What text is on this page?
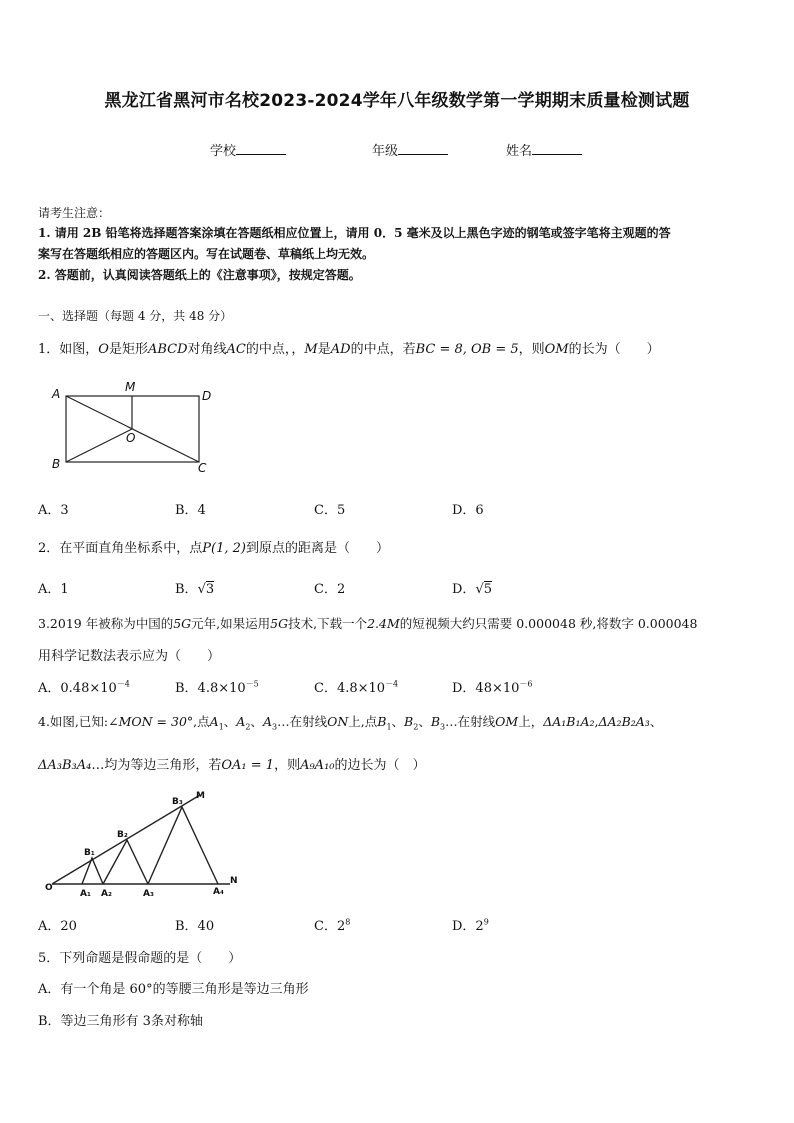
黑龙江省黑河市名校2023-2024学年八年级数学第一学期期末质量检测试题
学校	年级	姓名
请考生注意：
1. 请用 2B 铅笔将选择题答案涂填在答题纸相应位置上，请用 0．5 毫米及以上黑色字迹的钢笔或签字笔将主观题的答
案写在答题纸相应的答题区内。写在试题卷、草稿纸上均无效。
2. 答题前，认真阅读答题纸上的《注意事项》，按规定答题。
一、选择题（每题 4 分，共 48 分）
1．如图，O是矩形ABCD对角线AC的中点，，M是AD的中点，若BC = 8, OB = 5，则OM的长为（　　）
A	M
D
O
B	C
A．3	B．4	C．5	D．6
2．在平面直角坐标系中，点P(1, 2)到原点的距离是（　　）
A．1	B．√3	C．2	D．√5
3.2019 年被称为中国的5G元年,如果运用5G技术,下载一个2.4M的短视频大约只需要 0.000048 秒,将数字 0.000048
用科学记数法表示应为（　　）
A．$0.48\times 10^{-4}$	B．$4.8\times 10^{-5}$	C．$4.8\times 10^{-4}$	D．$48\times 10^{-6}$
4.如图,已知:∠MON = 30°,点$A_1$、$A_2$、$A_3\dots$在射线ON上,点$B_1$、$B_2$、$B_3\dots$在射线OM上，ΔA₁B₁A₂,ΔA₂B₂A₃、
ΔA₃B₃A₄…均为等边三角形，若OA₁ = 1，则A₉A₁₀的边长为（　）
O
N
M
A₁ A₂	A₃	A₄
B₁
B₂
B₃
A．20	B．40	C．$2^8$	D．$2^9$
5．下列命题是假命题的是（　　）
A．有一个角是 60°的等腰三角形是等边三角形
B．等边三角形有 3条对称轴
